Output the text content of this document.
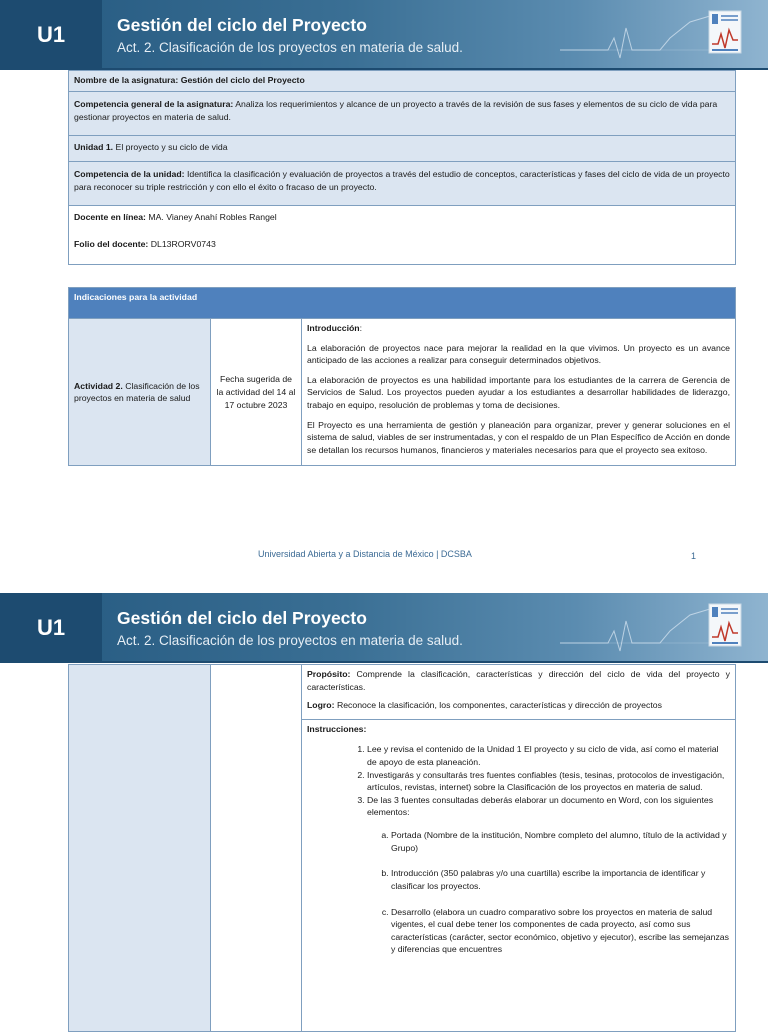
U1	Gestión del ciclo del Proyecto
Act. 2. Clasificación de los proyectos en materia de salud.
Nombre de la asignatura: Gestión del ciclo del Proyecto
Competencia general de la asignatura: Analiza los requerimientos y alcance de un proyecto a través de la revisión de sus fases y elementos de su ciclo de vida para gestionar proyectos en materia de salud.
Unidad 1. El proyecto y su ciclo de vida
Competencia de la unidad: Identifica la clasificación y evaluación de proyectos a través del estudio de conceptos, características y fases del ciclo de vida de un proyecto para reconocer su triple restricción y con ello el éxito o fracaso de un proyecto.

Docente en línea: MA. Vianey Anahí Robles Rangel
Folio del docente: DL13RORV0743
Indicaciones para la actividad
Actividad 2. Clasificación de los proyectos en materia de salud	Fecha sugerida de la actividad del 14 al 17 octubre 2023	

Introducción:

La elaboración de proyectos nace para mejorar la realidad en la que vivimos. Un proyecto es un avance anticipado de las acciones a realizar para conseguir determinados objetivos.

La elaboración de proyectos es una habilidad importante para los estudiantes de la carrera de Gerencia de Servicios de Salud. Los proyectos pueden ayudar a los estudiantes a desarrollar habilidades de liderazgo, trabajo en equipo, resolución de problemas y toma de decisiones.

El Proyecto es una herramienta de gestión y planeación para organizar, prever y generar soluciones en el sistema de salud, viables de ser instrumentadas, y con el respaldo de un Plan Específico de Acción en donde se detallan los recursos humanos, financieros y materiales necesarios para que el proyecto sea exitoso.

Universidad Abierta y a Distancia de México | DCSBA	1
U1	Gestión del ciclo del Proyecto
Act. 2. Clasificación de los proyectos en materia de salud.

Propósito: Comprende la clasificación, características y dirección del ciclo de vida del proyecto y características.

Logro: Reconoce la clasificación, los componentes, características y dirección de proyectos

Instrucciones:

1. Lee y revisa el contenido de la Unidad 1 El proyecto y su ciclo de vida, así como el material de apoyo de esta planeación.
2. Investigarás y consultarás tres fuentes confiables (tesis, tesinas, protocolos de investigación, artículos, revistas, internet) sobre la Clasificación de los proyectos en materia de salud.
3. De las 3 fuentes consultadas deberás elaborar un documento en Word, con los siguientes elementos:
a. Portada (Nombre de la institución, Nombre completo del alumno, título de la actividad y Grupo)
b. Introducción (350 palabras y/o una cuartilla) escribe la importancia de identificar y clasificar los proyectos.
c. Desarrollo (elabora un cuadro comparativo sobre los proyectos en materia de salud vigentes, el cual debe tener los componentes de cada proyecto, así como sus características (carácter, sector económico, objetivo y ejecutor), escribe las semejanzas y diferencias que encuentres
